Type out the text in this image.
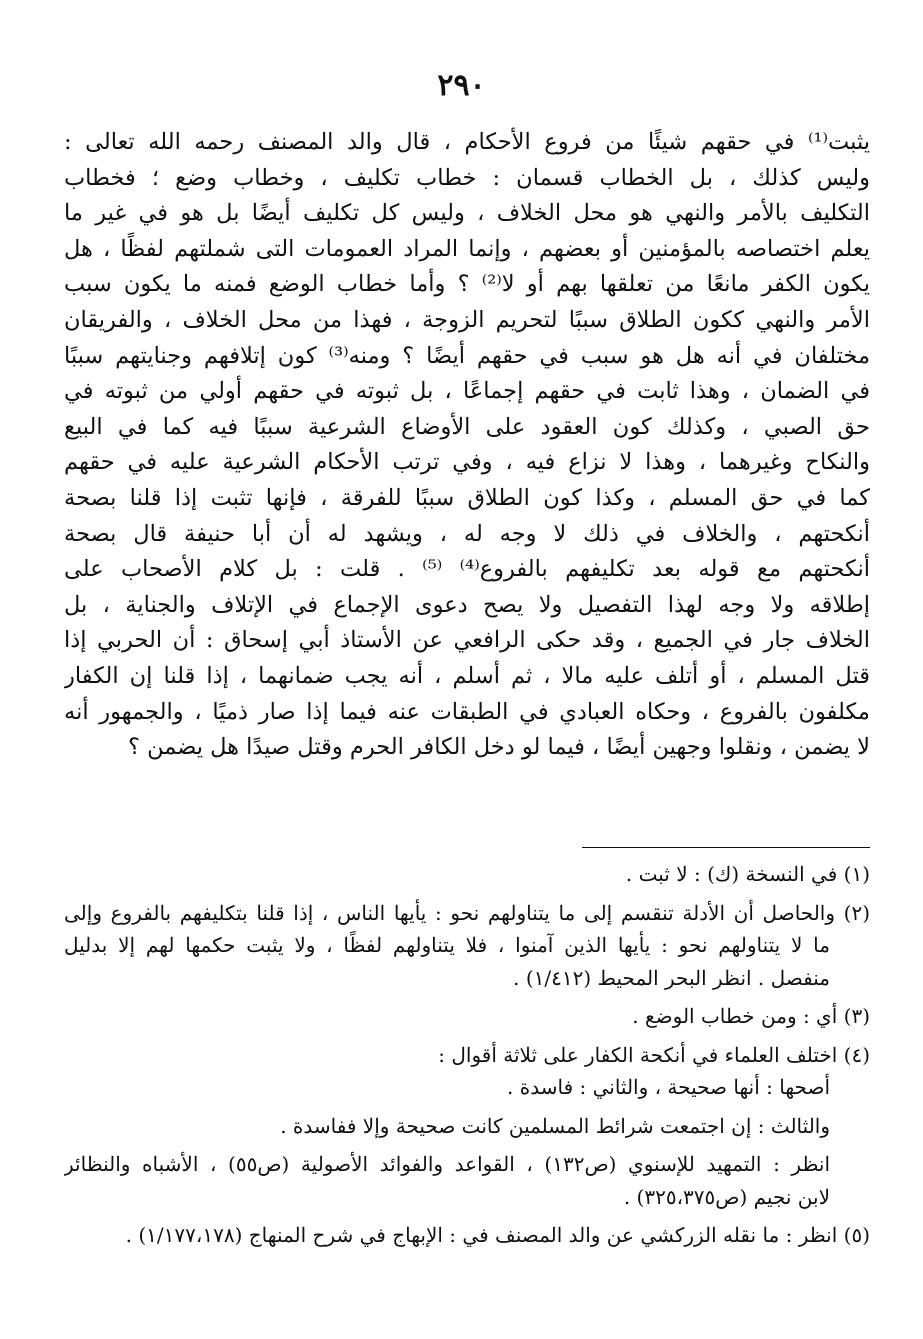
٢٩٠
يثبت⁽¹⁾ في حقهم شيئًا من فروع الأحكام ، قال والد المصنف رحمه الله تعالى :
وليس كذلك ، بل الخطاب قسمان : خطاب تكليف ، وخطاب وضع ؛ فخطاب
التكليف بالأمر والنهي هو محل الخلاف ، وليس كل تكليف أيضًا بل هو في غير ما
يعلم اختصاصه بالمؤمنين أو بعضهم ، وإنما المراد العمومات التى شملتهم لفظًا ، هل
يكون الكفر مانعًا من تعلقها بهم أو لا⁽²⁾ ؟ وأما خطاب الوضع فمنه ما يكون سبب
الأمر والنهي ككون الطلاق سببًا لتحريم الزوجة ، فهذا من محل الخلاف ، والفريقان
مختلفان في أنه هل هو سبب في حقهم أيضًا ؟ ومنه⁽³⁾ كون إتلافهم وجنايتهم سببًا
في الضمان ، وهذا ثابت في حقهم إجماعًا ، بل ثبوته في حقهم أولي من ثبوته في
حق الصبي ، وكذلك كون العقود على الأوضاع الشرعية سببًا فيه كما في البيع
والنكاح وغيرهما ، وهذا لا نزاع فيه ، وفي ترتب الأحكام الشرعية عليه في حقهم
كما في حق المسلم ، وكذا كون الطلاق سببًا للفرقة ، فإنها تثبت إذا قلنا بصحة
أنكحتهم ، والخلاف في ذلك لا وجه له ، ويشهد له أن أبا حنيفة قال بصحة
أنكحتهم مع قوله بعد تكليفهم بالفروع⁽⁴⁾ ⁽⁵⁾ . قلت : بل كلام الأصحاب على
إطلاقه ولا وجه لهذا التفصيل ولا يصح دعوى الإجماع في الإتلاف والجناية ، بل
الخلاف جار في الجميع ، وقد حكى الرافعي عن الأستاذ أبي إسحاق : أن الحربي إذا
قتل المسلم ، أو أتلف عليه مالا ، ثم أسلم ، أنه يجب ضمانهما ، إذا قلنا إن الكفار
مكلفون بالفروع ، وحكاه العبادي في الطبقات عنه فيما إذا صار ذميًا ، والجمهور أنه
لا يضمن ، ونقلوا وجهين أيضًا ، فيما لو دخل الكافر الحرم وقتل صيدًا هل يضمن ؟
(١) في النسخة (ك) : لا ثبت .
(٢) والحاصل أن الأدلة تنقسم إلى ما يتناولهم نحو : يأيها الناس ، إذا قلنا بتكليفهم بالفروع وإلى
ما لا يتناولهم نحو : يأيها الذين آمنوا ، فلا يتناولهم لفظًا ، ولا يثبت حكمها لهم إلا بدليل
منفصل . انظر البحر المحيط (١/٤١٢) .
(٣) أي : ومن خطاب الوضع .
(٤) اختلف العلماء في أنكحة الكفار على ثلاثة أقوال :
أصحها : أنها صحيحة ، والثاني : فاسدة .
والثالث : إن اجتمعت شرائط المسلمين كانت صحيحة وإلا ففاسدة .
انظر : التمهيد للإسنوي (ص١٣٢) ، القواعد والفوائد الأصولية (ص٥٥) ، الأشباه والنظائر
لابن نجيم (ص٣٢٥،٣٧٥) .
(٥) انظر : ما نقله الزركشي عن والد المصنف في : الإبهاج في شرح المنهاج (١/١٧٧،١٧٨) .
